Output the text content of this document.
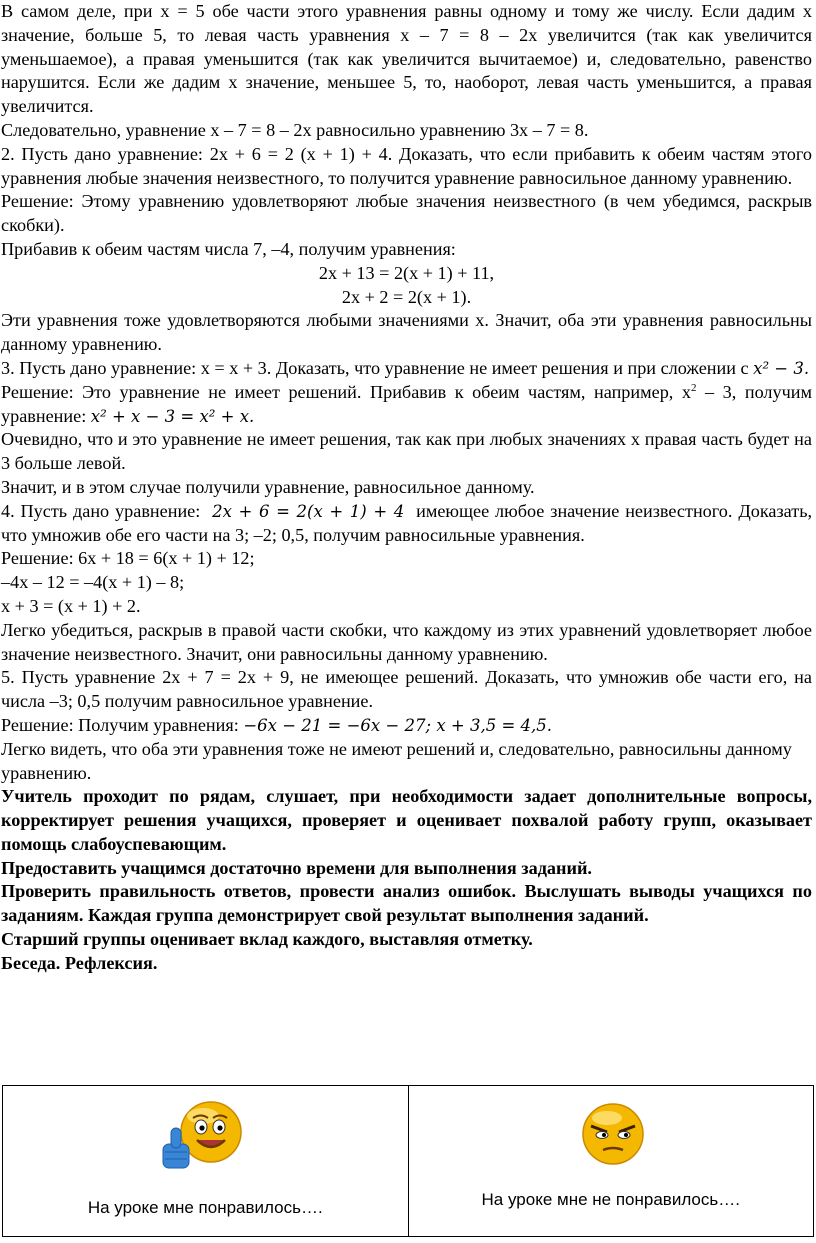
В самом деле, при x = 5 обе части этого уравнения равны одному и тому же числу. Если дадим x значение, больше 5, то левая часть уравнения x – 7 = 8 – 2x увеличится (так как увеличится уменьшаемое), а правая уменьшится (так как увеличится вычитаемое) и, следовательно, равенство нарушится. Если же дадим x значение, меньшее 5, то, наоборот, левая часть уменьшится, а правая увеличится.

Следовательно, уравнение x – 7 = 8 – 2x равносильно уравнению 3x – 7 = 8.

2. Пусть дано уравнение: 2x + 6 = 2 (x + 1) + 4. Доказать, что если прибавить к обеим частям этого уравнения любые значения неизвестного, то получится уравнение равносильное данному уравнению.

Решение: Этому уравнению удовлетворяют любые значения неизвестного (в чем убедимся, раскрыв скобки).

Прибавив к обеим частям числа 7, –4, получим уравнения:

2x + 13 = 2(x + 1) + 11,

2x + 2 = 2(x + 1).

Эти уравнения тоже удовлетворяются любыми значениями x. Значит, оба эти уравнения равносильны данному уравнению.

3. Пусть дано уравнение: x = x + 3. Доказать, что уравнение не имеет решения и при сложении с 𝑥² − 3.

Решение: Это уравнение не имеет решений. Прибавив к обеим частям, например, $x^2 - 3$, получим уравнение: 𝑥² + 𝑥 − 3 = 𝑥² + 𝑥.

Очевидно, что и это уравнение не имеет решения, так как при любых значениях x правая часть будет на 3 больше левой.

Значит, и в этом случае получили уравнение, равносильное данному.

4. Пусть дано уравнение: 2𝑥 + 6 = 2(𝑥 + 1) + 4 имеющее любое значение неизвестного. Доказать, что умножив обе его части на 3; –2; 0,5, получим равносильные уравнения.

Решение: 6x + 18 = 6(x + 1) + 12;

–4x – 12 = –4(x + 1) – 8;

x + 3 = (x + 1) + 2.

Легко убедиться, раскрыв в правой части скобки, что каждому из этих уравнений удовлетворяет любое значение неизвестного. Значит, они равносильны данному уравнению.

5. Пусть уравнение 2x + 7 = 2x + 9, не имеющее решений. Доказать, что умножив обе части его, на числа –3; 0,5 получим равносильное уравнение.

Решение: Получим уравнения: −6𝑥 − 21 = −6𝑥 − 27; 𝑥 + 3,5 = 4,5.

Легко видеть, что оба эти уравнения тоже не имеют решений и, следовательно, равносильны данному уравнению.

Учитель проходит по рядам, слушает, при необходимости задает дополнительные вопросы, корректирует решения учащихся, проверяет и оценивает похвалой работу групп, оказывает помощь слабоуспевающим.

Предоставить учащимся достаточно времени для выполнения заданий.

Проверить правильность ответов, провести анализ ошибок. Выслушать выводы учащихся по заданиям. Каждая группа демонстрирует свой результат выполнения заданий.

Старший группы оценивает вклад каждого, выставляя отметку.

Беседа. Рефлексия.

На уроке мне понравилось….	На уроке мне не понравилось….
